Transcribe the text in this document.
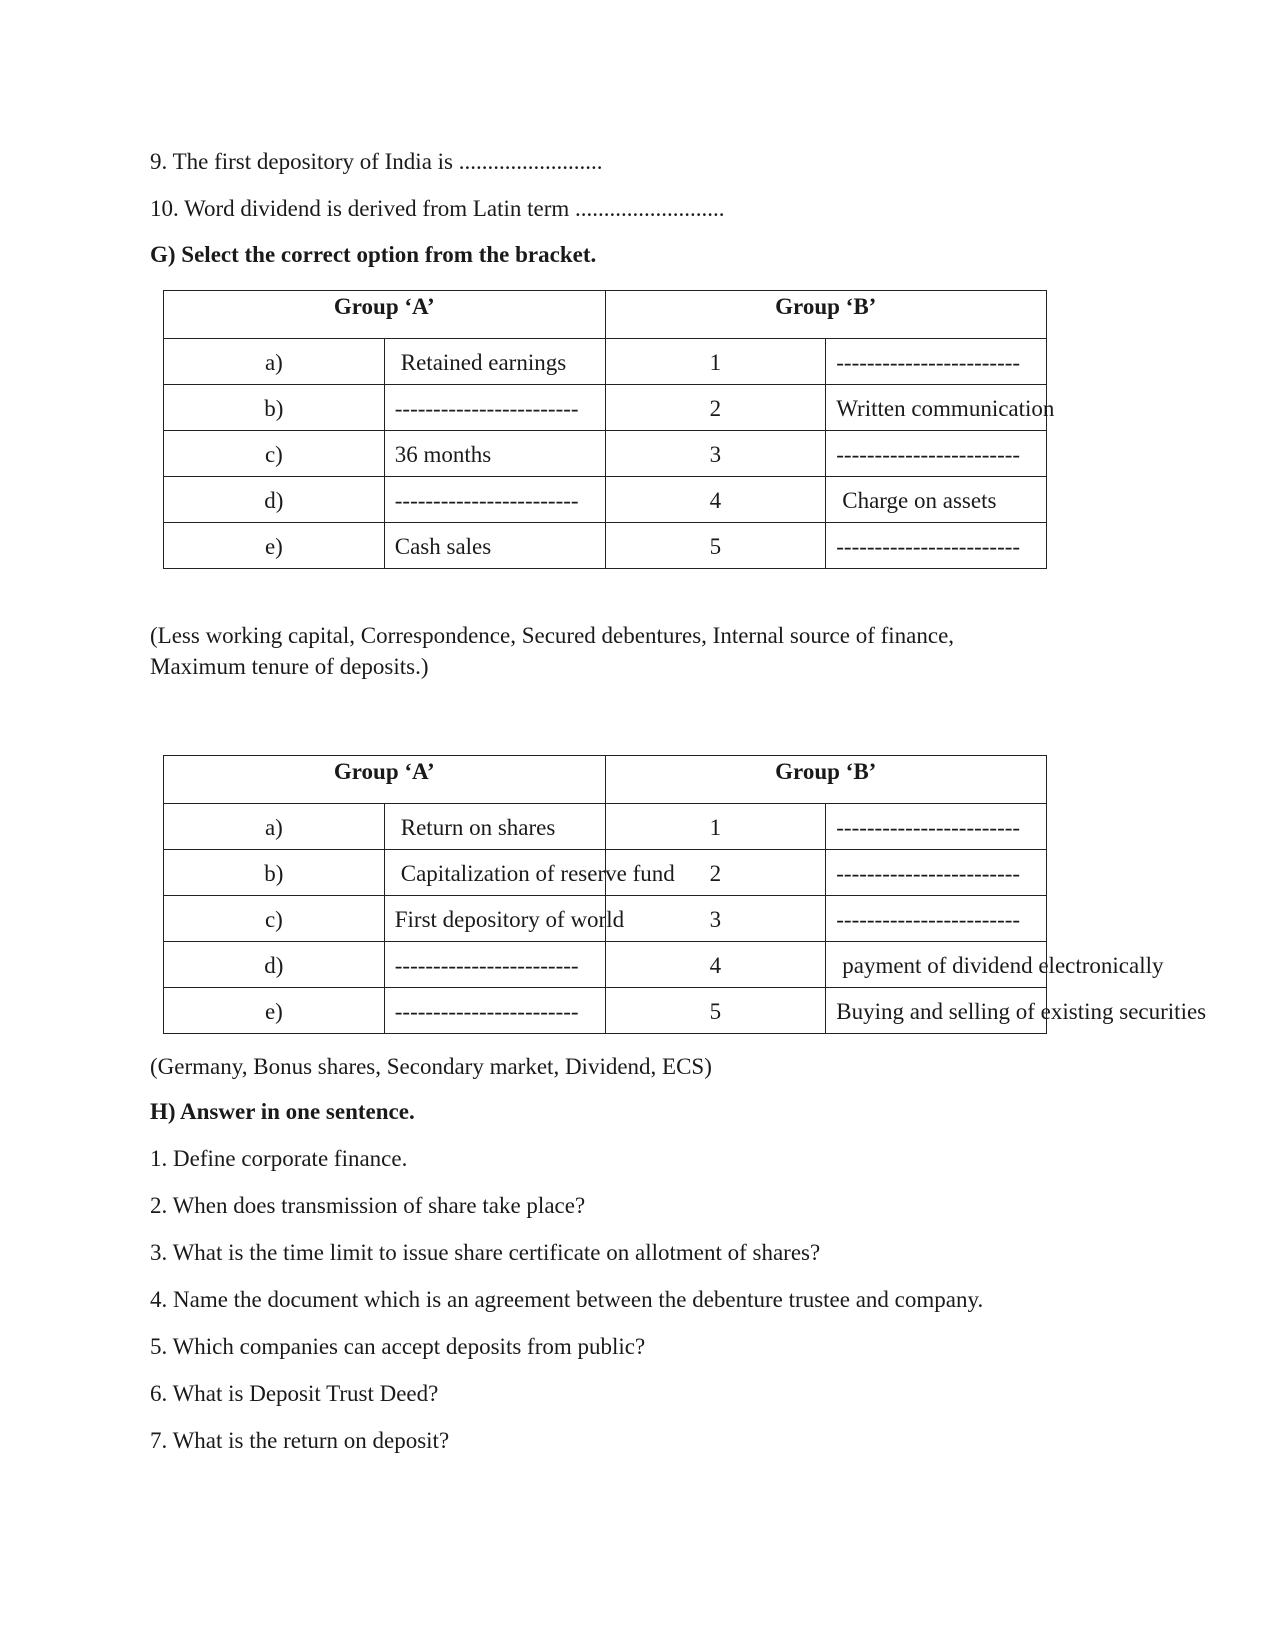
9. The first depository of India is .........................
10. Word dividend is derived from Latin term ..........................
G) Select the correct option from the bracket.
Group ‘A’		Group ‘B’	
a)	Retained earnings	1	------------------------
b)	------------------------	2	Written communication
c)	36 months	3	------------------------
d)	------------------------	4	Charge on assets
e)	Cash sales	5	------------------------
(Less working capital, Correspondence, Secured debentures, Internal source of finance,
Maximum tenure of deposits.)
Group ‘A’		Group ‘B’	
a)	Return on shares	1	------------------------
b)	Capitalization of reserve fund	2	------------------------
c)	First depository of world	3	------------------------
d)	------------------------	4	payment of dividend electronically
e)	------------------------	5	Buying and selling of existing securities
(Germany, Bonus shares, Secondary market, Dividend, ECS)
H) Answer in one sentence.
1. Define corporate finance.
2. When does transmission of share take place?
3. What is the time limit to issue share certificate on allotment of shares?
4. Name the document which is an agreement between the debenture trustee and company.
5. Which companies can accept deposits from public?
6. What is Deposit Trust Deed?
7. What is the return on deposit?
